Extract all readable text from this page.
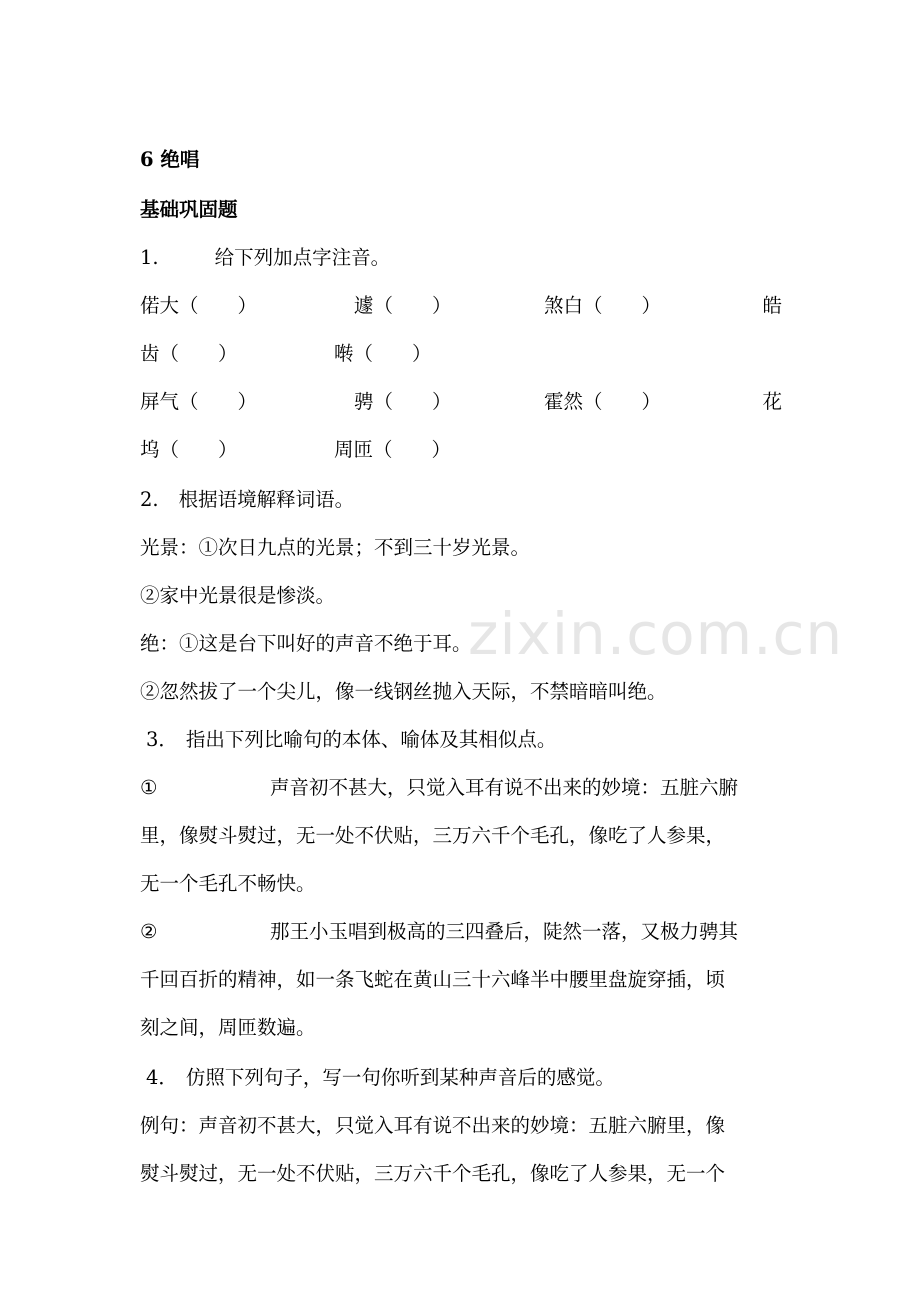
zixin.com.cn
6 绝唱
基础巩固题
1.	给下列加点字注音。
偌大（　　）	遽（　　）	煞白（　　）	皓
齿（　　）	啭（　　）
屏气（　　）	骋（　　）	霍然（　　）	花
坞（　　）	周匝（　　）
2. 根据语境解释词语。
光景：①次日九点的光景；不到三十岁光景。
②家中光景很是惨淡。
绝：①这是台下叫好的声音不绝于耳。
②忽然拔了一个尖儿，像一线钢丝抛入天际，不禁暗暗叫绝。
3． 指出下列比喻句的本体、喻体及其相似点。
①	声音初不甚大，只觉入耳有说不出来的妙境：五脏六腑
里，像熨斗熨过，无一处不伏贴，三万六千个毛孔，像吃了人参果，
无一个毛孔不畅快。
②	那王小玉唱到极高的三四叠后，陡然一落，又极力骋其
千回百折的精神，如一条飞蛇在黄山三十六峰半中腰里盘旋穿插，顷
刻之间，周匝数遍。
4． 仿照下列句子，写一句你听到某种声音后的感觉。
例句：声音初不甚大，只觉入耳有说不出来的妙境：五脏六腑里，像
熨斗熨过，无一处不伏贴，三万六千个毛孔，像吃了人参果，无一个
